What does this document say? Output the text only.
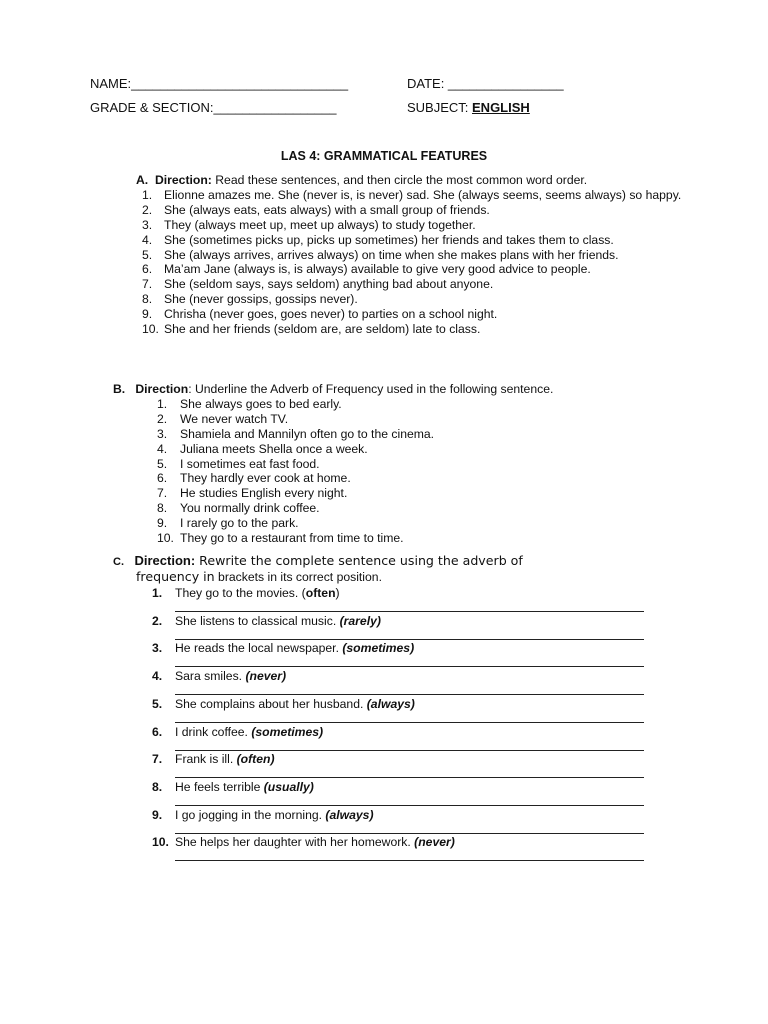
NAME:______________________________	DATE: ________________
GRADE & SECTION:_________________	SUBJECT: ENGLISH
LAS 4: GRAMMATICAL FEATURES
A. Direction: Read these sentences, and then circle the most common word order.
1. Elionne amazes me. She (never is, is never) sad. She (always seems, seems always) so happy.
2. She (always eats, eats always) with a small group of friends.
3. They (always meet up, meet up always) to study together.
4. She (sometimes picks up, picks up sometimes) her friends and takes them to class.
5. She (always arrives, arrives always) on time when she makes plans with her friends.
6. Ma’am Jane (always is, is always) available to give very good advice to people.
7. She (seldom says, says seldom) anything bad about anyone.
8. She (never gossips, gossips never).
9. Chrisha (never goes, goes never) to parties on a school night.
10. She and her friends (seldom are, are seldom) late to class.
B. Direction: Underline the Adverb of Frequency used in the following sentence.
1.	She always goes to bed early.
2.	We never watch TV.
3.	Shamiela and Mannilyn often go to the cinema.
4.	Juliana meets Shella once a week.
5.	I sometimes eat fast food.
6.	They hardly ever cook at home.
7.	He studies English every night.
8.	You normally drink coffee.
9.	I rarely go to the park.
10. They go to a restaurant from time to time.
C. Direction: Rewrite the complete sentence using the adverb of
frequency in brackets in its correct position.
1. They go to the movies. (often)
2. She listens to classical music. (rarely)
3. He reads the local newspaper. (sometimes)
4. Sara smiles. (never)
5. She complains about her husband. (always)
6. I drink coffee. (sometimes)
7. Frank is ill. (often)
8. He feels terrible (usually)
9. I go jogging in the morning. (always)
10. She helps her daughter with her homework. (never)
